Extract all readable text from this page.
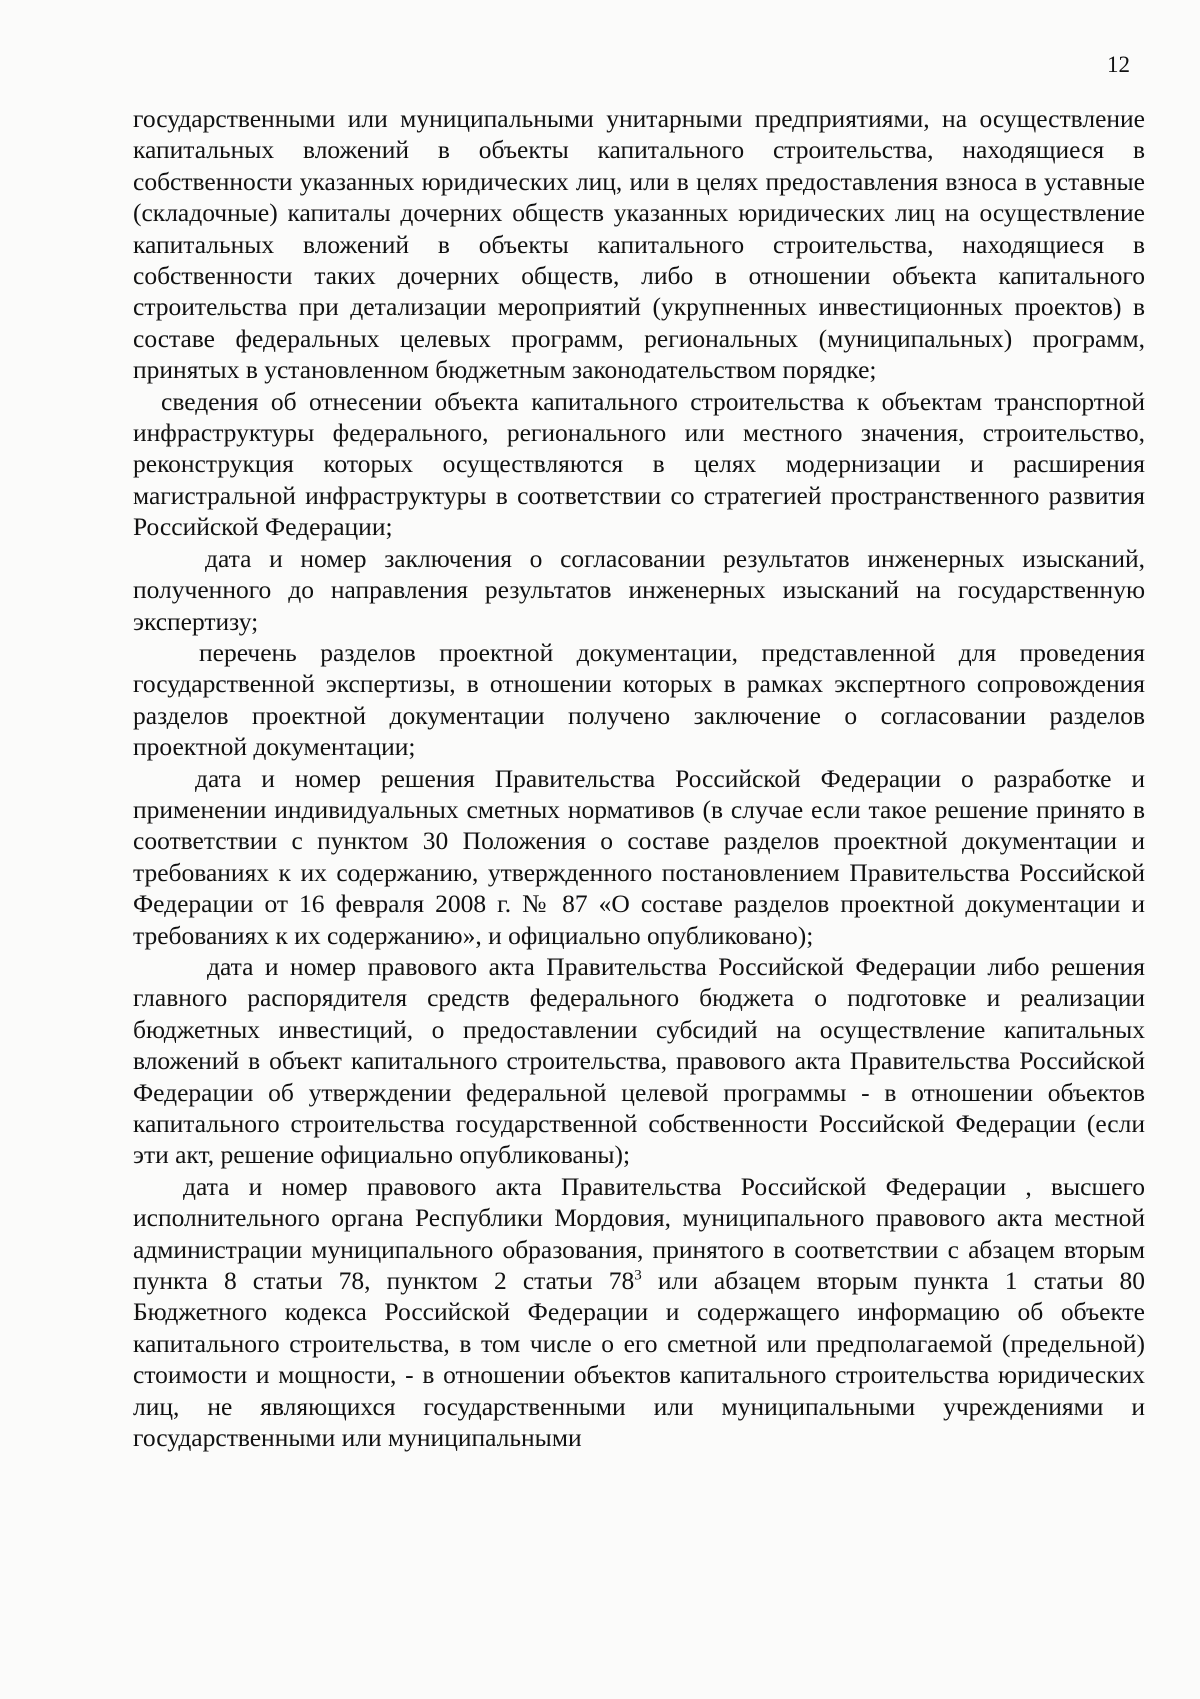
12

государственными или муниципальными унитарными предприятиями, на осуществление капитальных вложений в объекты капитального строительства, находящиеся в собственности указанных юридических лиц, или в целях предоставления взноса в уставные (складочные) капиталы дочерних обществ указанных юридических лиц на осуществление капитальных вложений в объекты капитального строительства, находящиеся в собственности таких дочерних обществ, либо в отношении объекта капитального строительства при детализации мероприятий (укрупненных инвестиционных проектов) в составе федеральных целевых программ, региональных (муниципальных) программ, принятых в установленном бюджетным законодательством порядке;

сведения об отнесении объекта капитального строительства к объектам транспортной инфраструктуры федерального, регионального или местного значения, строительство, реконструкция которых осуществляются в целях модернизации и расширения магистральной инфраструктуры в соответствии со стратегией пространственного развития Российской Федерации;

дата и номер заключения о согласовании результатов инженерных изысканий, полученного до направления результатов инженерных изысканий на государственную экспертизу;

перечень разделов проектной документации, представленной для проведения государственной экспертизы, в отношении которых в рамках экспертного сопровождения разделов проектной документации получено заключение о согласовании разделов проектной документации;

дата и номер решения Правительства Российской Федерации о разработке и применении индивидуальных сметных нормативов (в случае если такое решение принято в соответствии с пунктом 30 Положения о составе разделов проектной документации и требованиях к их содержанию, утвержденного постановлением Правительства Российской Федерации от 16 февраля 2008 г. № 87 «О составе разделов проектной документации и требованиях к их содержанию», и официально опубликовано);

дата и номер правового акта Правительства Российской Федерации либо решения главного распорядителя средств федерального бюджета о подготовке и реализации бюджетных инвестиций, о предоставлении субсидий на осуществление капитальных вложений в объект капитального строительства, правового акта Правительства Российской Федерации об утверждении федеральной целевой программы - в отношении объектов капитального строительства государственной собственности Российской Федерации (если эти акт, решение официально опубликованы);

дата и номер правового акта Правительства Российской Федерации , высшего исполнительного органа Республики Мордовия, муниципального правового акта местной администрации муниципального образования, принятого в соответствии с абзацем вторым пункта 8 статьи 78, пунктом 2 статьи $78^3$ или абзацем вторым пункта 1 статьи 80 Бюджетного кодекса Российской Федерации и содержащего информацию об объекте капитального строительства, в том числе о его сметной или предполагаемой (предельной) стоимости и мощности, - в отношении объектов капитального строительства юридических лиц, не являющихся государственными или муниципальными учреждениями и государственными или муниципальными
